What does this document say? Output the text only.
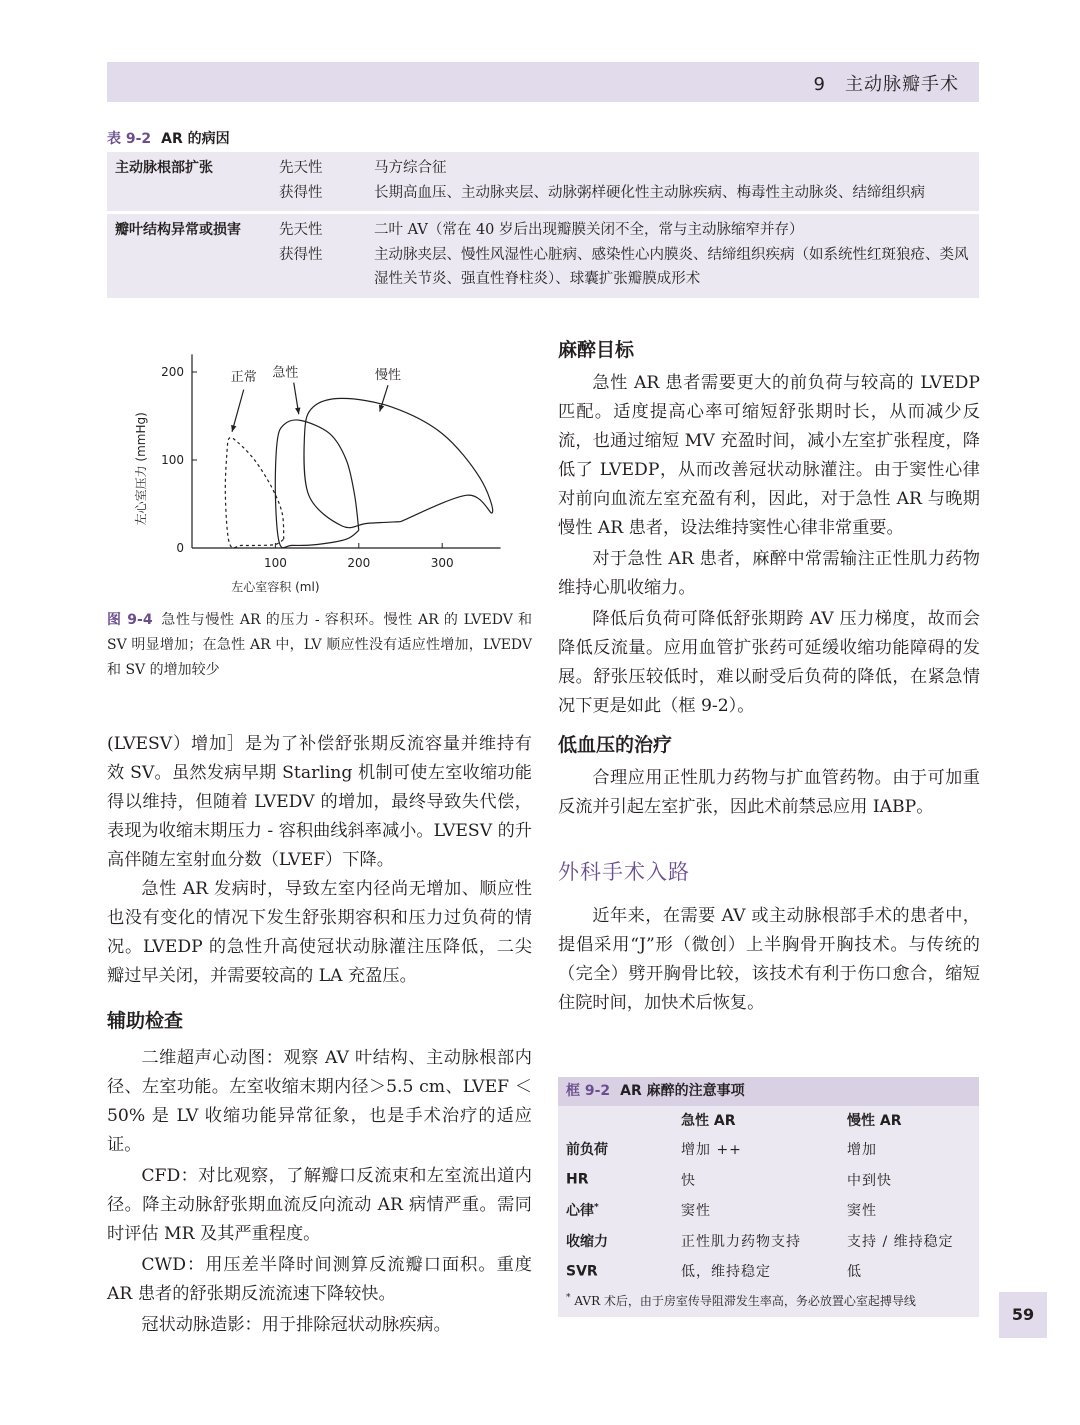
9　主动脉瓣手术
表 9-2 AR 的病因
主动脉根部扩张	先天性	马方综合征
获得性	长期高血压、主动脉夹层、动脉粥样硬化性主动脉疾病、梅毒性主动脉炎、结缔组织病
瓣叶结构异常或损害	先天性	二叶 AV（常在 40 岁后出现瓣膜关闭不全，常与主动脉缩窄并存）
获得性	主动脉夹层、慢性风湿性心脏病、感染性心内膜炎、结缔组织疾病（如系统性红斑狼疮、类风湿性关节炎、强直性脊柱炎）、球囊扩张瓣膜成形术
0
100
200
100	200	300
左心室容积 (ml)
左心室压力 (mmHg)
正常 急性	慢性
图 9-4 急性与慢性 AR 的压力 - 容积环。慢性 AR 的 LVEDV 和 SV 明显增加；在急性 AR 中，LV 顺应性没有适应性增加，LVEDV 和 SV 的增加较少

(LVESV）增加］是为了补偿舒张期反流容量并维持有效 SV。虽然发病早期 Starling 机制可使左室收缩功能得以维持，但随着 LVEDV 的增加，最终导致失代偿，表现为收缩末期压力 - 容积曲线斜率减小。LVESV 的升高伴随左室射血分数（LVEF）下降。

急性 AR 发病时，导致左室内径尚无增加、顺应性也没有变化的情况下发生舒张期容积和压力过负荷的情况。LVEDP 的急性升高使冠状动脉灌注压降低，二尖瓣过早关闭，并需要较高的 LA 充盈压。

辅助检查

二维超声心动图：观察 AV 叶结构、主动脉根部内径、左室功能。左室收缩末期内径＞5.5 cm、LVEF ＜ 50% 是 LV 收缩功能异常征象，也是手术治疗的适应证。

CFD：对比观察，了解瓣口反流束和左室流出道内径。降主动脉舒张期血流反向流动 AR 病情严重。需同时评估 MR 及其严重程度。

CWD：用压差半降时间测算反流瓣口面积。重度 AR 患者的舒张期反流流速下降较快。

冠状动脉造影：用于排除冠状动脉疾病。

麻醉目标

急性 AR 患者需要更大的前负荷与较高的 LVEDP 匹配。适度提高心率可缩短舒张期时长，从而减少反流，也通过缩短 MV 充盈时间，减小左室扩张程度，降低了 LVEDP，从而改善冠状动脉灌注。由于窦性心律对前向血流左室充盈有利，因此，对于急性 AR 与晚期慢性 AR 患者，设法维持窦性心律非常重要。

对于急性 AR 患者，麻醉中常需输注正性肌力药物维持心肌收缩力。

降低后负荷可降低舒张期跨 AV 压力梯度，故而会降低反流量。应用血管扩张药可延缓收缩功能障碍的发展。舒张压较低时，难以耐受后负荷的降低，在紧急情况下更是如此（框 9-2）。

低血压的治疗

合理应用正性肌力药物与扩血管药物。由于可加重反流并引起左室扩张，因此术前禁忌应用 IABP。

外科手术入路

近年来，在需要 AV 或主动脉根部手术的患者中，提倡采用“J”形（微创）上半胸骨开胸技术。与传统的（完全）劈开胸骨比较，该技术有利于伤口愈合，缩短住院时间，加快术后恢复。

框 9-2 AR 麻醉的注意事项
	急性 AR	慢性 AR
前负荷	增加 ++	增加
HR	快	中到快
心律*	窦性	窦性
收缩力	正性肌力药物支持	支持 / 维持稳定
SVR	低，维持稳定	低
* AVR 术后，由于房室传导阻滞发生率高，务必放置心室起搏导线
59
